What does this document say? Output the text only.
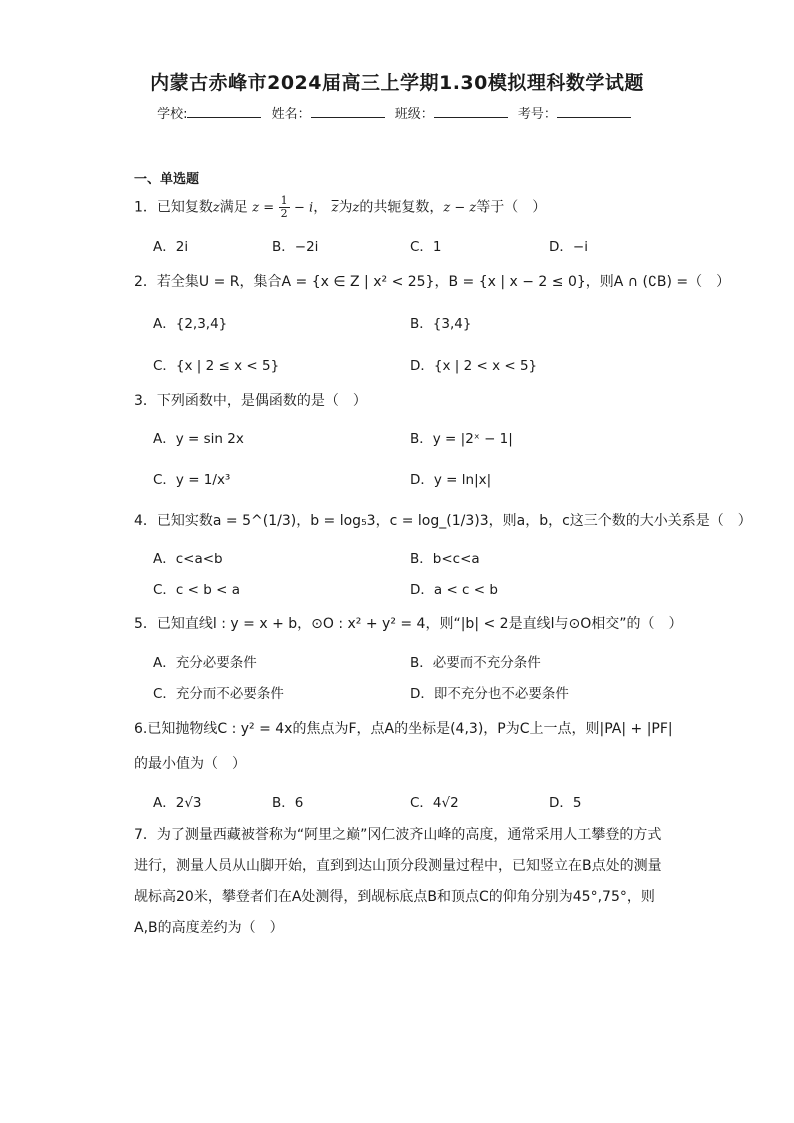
内蒙古赤峰市2024届高三上学期1.30模拟理科数学试题
学校:	姓名：	班级：	考号：
一、单选题
1．已知复数z满足 $z = \frac{1}{2} - i$， $\overline{z}$为z的共轭复数，z − z等于（　）
A．2i	B．−2i	C．1	D．−i
2．若全集U = R，集合A = {x ∈ Z | x² < 25}，B = {x | x − 2 ≤ 0}，则A ∩ (∁B) =（　）
A．{2,3,4}	B．{3,4}
C．{x | 2 ≤ x < 5}	D．{x | 2 < x < 5}
3．下列函数中，是偶函数的是（　）
A．y = sin 2x	B．y = |2ˣ − 1|
C．y = 1/x³	D．y = ln|x|
4．已知实数a = 5^(1/3)，b = log₅3，c = log_(1/3)3，则a，b，c这三个数的大小关系是（　）
A．c<a<b	B．b<c<a
C．c < b < a	D．a < c < b
5．已知直线l : y = x + b，⊙O : x² + y² = 4，则“|b| < 2是直线l与⊙O相交”的（　）
A．充分必要条件	B．必要而不充分条件
C．充分而不必要条件	D．即不充分也不必要条件
6.已知抛物线C : y² = 4x的焦点为F，点A的坐标是(4,3)，P为C上一点，则|PA| + |PF|
的最小值为（　）
A．2√3	B．6	C．4√2	D．5
7．为了测量西藏被誉称为“阿里之巅”冈仁波齐山峰的高度，通常采用人工攀登的方式进行，测量人员从山脚开始，直到到达山顶分段测量过程中，已知竖立在B点处的测量觇标高20米，攀登者们在A处测得，到觇标底点B和顶点C的仰角分别为45°,75°，则A,B的高度差约为（　）
